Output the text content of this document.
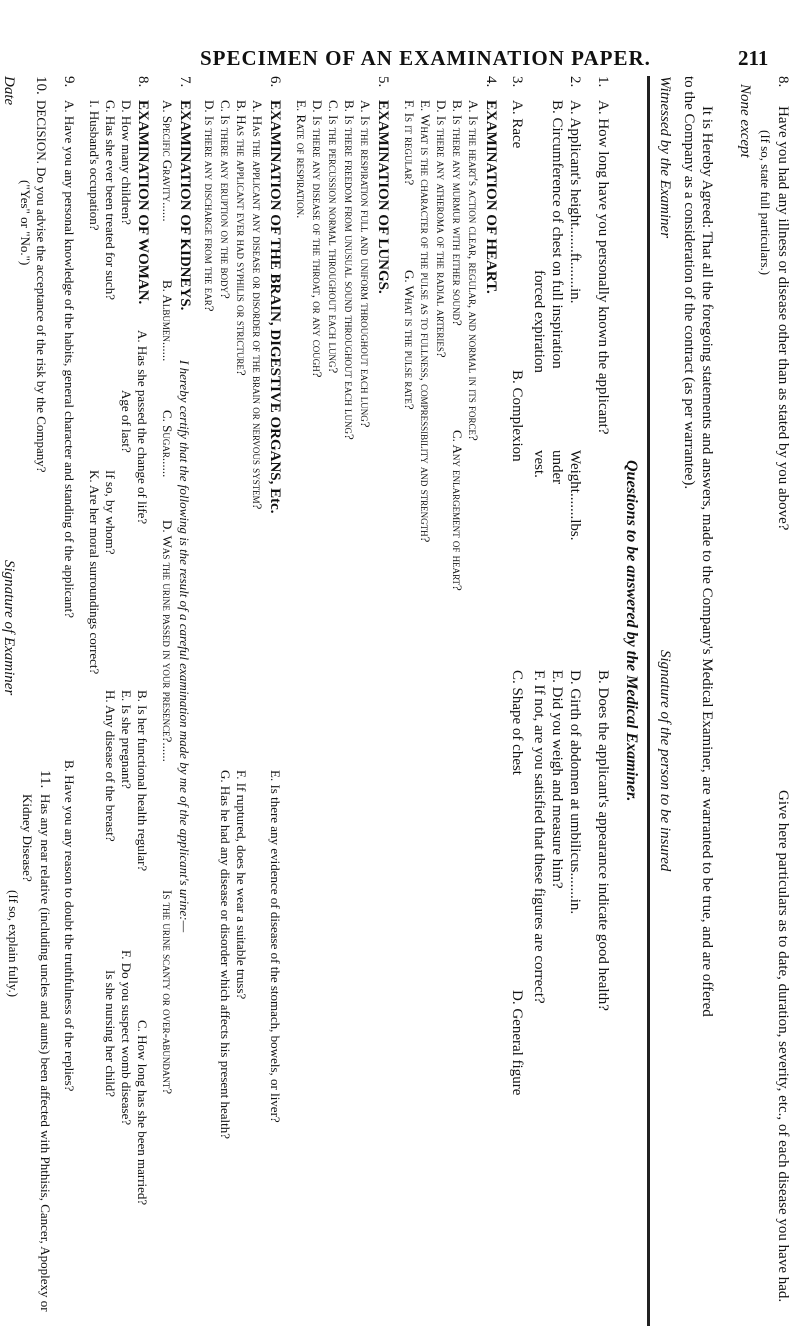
SPECIMEN OF AN EXAMINATION PAPER.	211
8.
Have you had any illness or disease other than as stated by you above?
(If so, state full particulars.)
None except
Give here particulars as to date, duration, severity, etc., of each disease you have had.
It is Hereby Agreed: That all the foregoing statements and answers, made to the Company's Medical Examiner, are warranted to be true, and are offered
to the Company as a consideration of the contract (as per warrantee).
Witnessed by the Examiner
Signature of the person to be insured
Questions to be answered by the Medical Examiner.
1.
A. How long have you personally known the applicant?
B. Does the applicant's appearance indicate good health?
2.
A. Applicant's height.......ft.......in.
Weight.......lbs.
B. Circumference of chest on full inspiration
under
forced expiration
vest.
D. Girth of abdomen at umbilicus.......in.
E. Did you weigh and measure him?
F. If not, are you satisfied that these figures are correct?
3.
A. Race
B. Complexion
C. Shape of chest
D. General figure
4.
EXAMINATION OF HEART.
A. Is the heart's action clear, regular, and normal in its force?
B. Is there any murmur with either sound?
C. Any enlargement of heart?
D. Is there any atheroma of the radial arteries?
E. What is the character of the pulse as to fullness, compressibility and strength?
F. Is it regular?
G. What is the pulse rate?
5.
EXAMINATION OF LUNGS.
A. Is the respiration full and uniform throughout each lung?
B. Is there freedom from unusual sound throughout each lung?
C. Is the percussion normal throughout each lung?
D. Is there any disease of the throat, or any cough?
E. Rate of respiration.
6.
EXAMINATION OF THE BRAIN, DIGESTIVE ORGANS, Etc.
A. Has the applicant any disease or disorder of the brain or nervous system?
B. Has the applicant ever had syphilis or stricture?
C. Is there any eruption on the body?
D. Is there any discharge from the ear?
E. Is there any evidence of disease of the stomach, bowels, or liver?
F. If ruptured, does he wear a suitable truss?
G. Has he had any disease or disorder which affects his present health?
7.
EXAMINATION OF KIDNEYS.
I hereby certify that the following is the result of a careful examination made by me of the applicant's urine:—
A. Specific Gravity......
B. Albumen......
C. Sugar......
D. Was the urine passed in your presence?......
Is the urine scanty or over-abundant?
8.
EXAMINATION OF WOMAN.
A. Has she passed the change of life?
B. Is her functional health regular?
C. How long has she been married?
D. How many children?
Age of last?
E. Is she pregnant?
F. Do you suspect womb disease?
G. Has she ever been treated for such?
If so, by whom?
H. Any disease of the breast?
Is she nursing her child?
I. Husband's occupation?
K. Are her moral surroundings correct?
9.
A. Have you any personal knowledge of the habits, general character and standing of the applicant?
B. Have you any reason to doubt the truthfulness of the replies?
10.
DECISION. Do you advise the acceptance of the risk by the Company?
("Yes" or "No.")
11.
Has any near relative (including uncles and aunts) been affected with Phthisis, Cancer, Apoplexy or Kidney Disease?
(If so, explain fully.)
Date
Signature of Examiner
